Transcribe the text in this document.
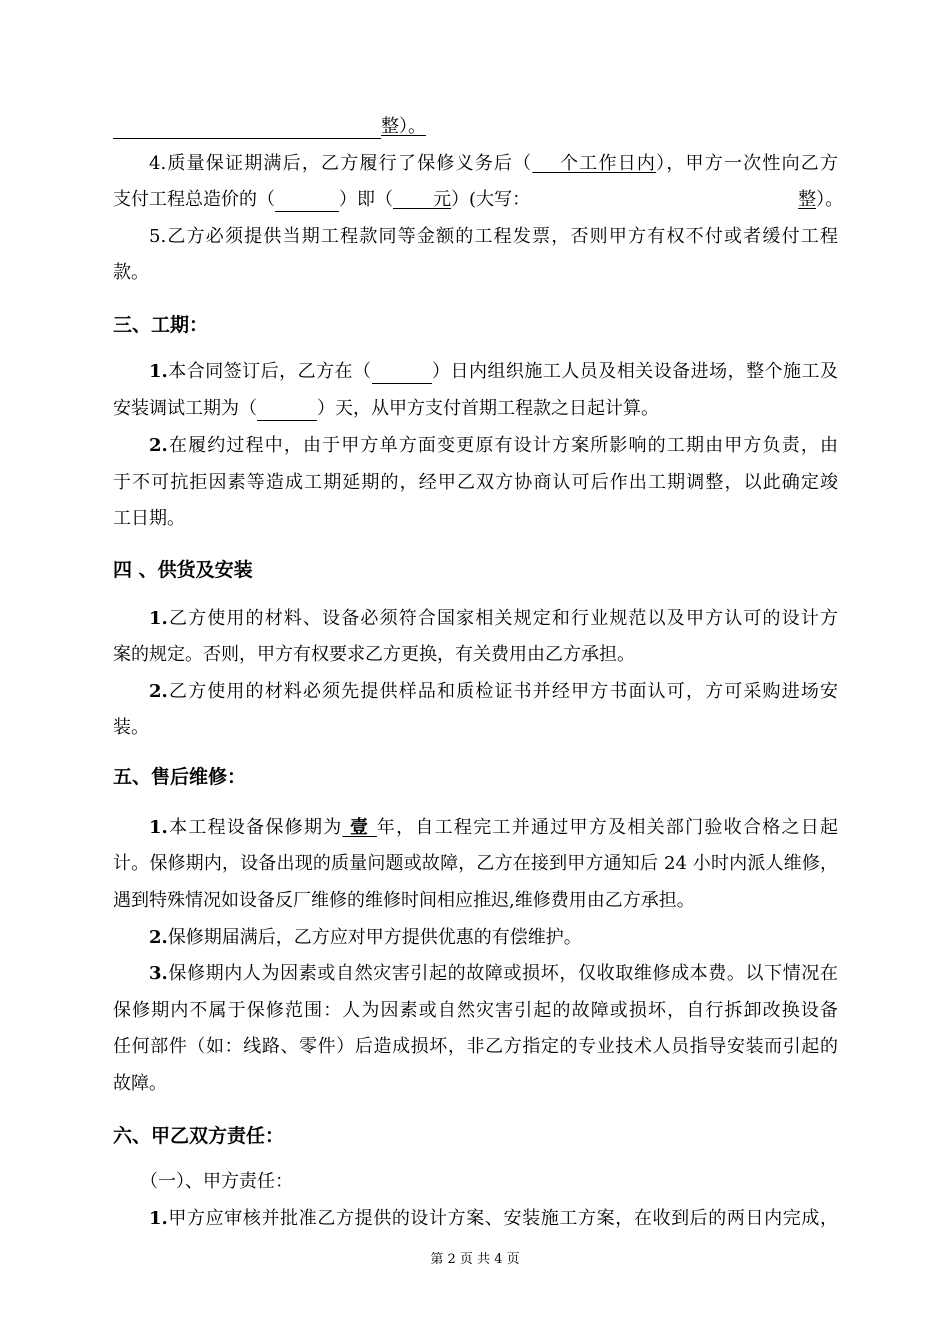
整）。
4.质量保证期满后，乙方履行了保修义务后（ 个工作日内），甲方一次性向乙方
支付工程总造价的（	）即（ 元）(大写：	整）。
5.乙方必须提供当期工程款同等金额的工程发票，否则甲方有权不付或者缓付工程
款。
三、工期：
1.本合同签订后，乙方在（	）日内组织施工人员及相关设备进场，整个施工及
安装调试工期为（	）天，从甲方支付首期工程款之日起计算。
2.在履约过程中，由于甲方单方面变更原有设计方案所影响的工期由甲方负责，由
于不可抗拒因素等造成工期延期的，经甲乙双方协商认可后作出工期调整，以此确定竣
工日期。
四 、供货及安装
1.乙方使用的材料、设备必须符合国家相关规定和行业规范以及甲方认可的设计方
案的规定。否则，甲方有权要求乙方更换，有关费用由乙方承担。
2.乙方使用的材料必须先提供样品和质检证书并经甲方书面认可，方可采购进场安
装。
五、售后维修：
1.本工程设备保修期为 壹 年，自工程完工并通过甲方及相关部门验收合格之日起
计。保修期内，设备出现的质量问题或故障，乙方在接到甲方通知后 24 小时内派人维修，
遇到特殊情况如设备反厂维修的维修时间相应推迟,维修费用由乙方承担。
2.保修期届满后，乙方应对甲方提供优惠的有偿维护。
3.保修期内人为因素或自然灾害引起的故障或损坏，仅收取维修成本费。以下情况在
保修期内不属于保修范围：人为因素或自然灾害引起的故障或损坏，自行拆卸改换设备
任何部件（如：线路、零件）后造成损坏，非乙方指定的专业技术人员指导安装而引起的
故障。
六、甲乙双方责任：
（一）、甲方责任：
1.甲方应审核并批准乙方提供的设计方案、安装施工方案，在收到后的两日内完成，
第 2 页 共 4 页
